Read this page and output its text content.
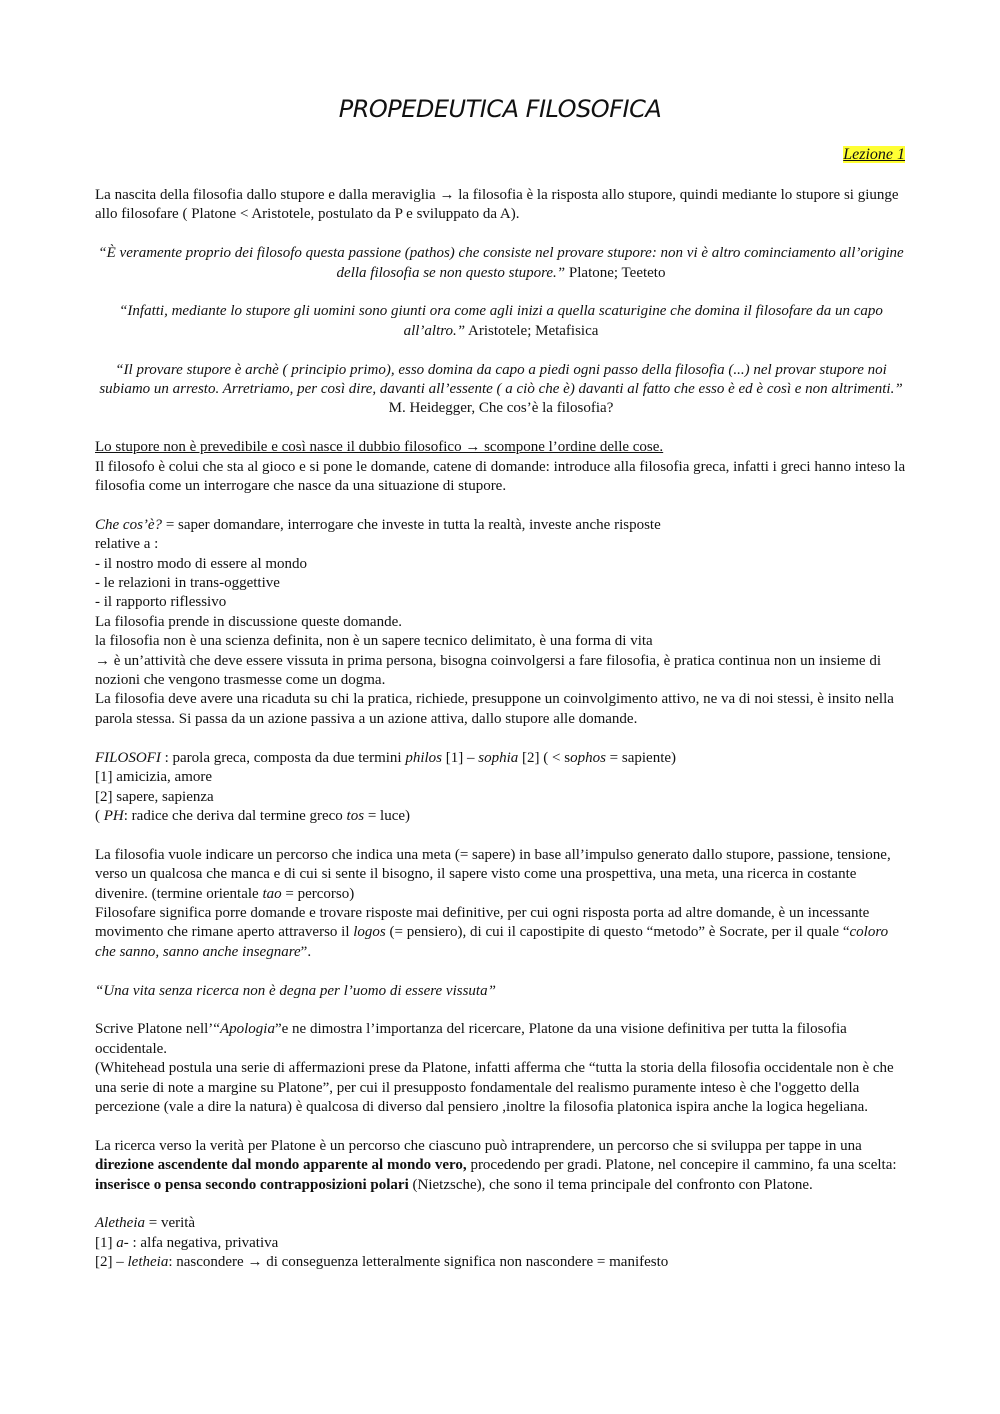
PROPEDEUTICA FILOSOFICA
Lezione 1

La nascita della filosofia dallo stupore e dalla meraviglia → la filosofia è la risposta allo stupore, quindi mediante lo stupore si giunge allo filosofare ( Platone < Aristotele, postulato da P e sviluppato da A).

“È veramente proprio dei filosofo questa passione (pathos) che consiste nel provare stupore: non vi è altro cominciamento all’origine della filosofia se non questo stupore.” Platone; Teeteto

“Infatti, mediante lo stupore gli uomini sono giunti ora come agli inizi a quella scaturigine che domina il filosofare da un capo all’altro.” Aristotele; Metafisica

“Il provare stupore è archè ( principio primo), esso domina da capo a piedi ogni passo della filosofia (...) nel provar stupore noi subiamo un arresto. Arretriamo, per così dire, davanti all’essente ( a ciò che è) davanti al fatto che esso è ed è così e non altrimenti.” M. Heidegger, Che cos’è la filosofia?

Lo stupore non è prevedibile e così nasce il dubbio filosofico → scompone l’ordine delle cose.

Il filosofo è colui che sta al gioco e si pone le domande, catene di domande: introduce alla filosofia greca, infatti i greci hanno inteso la filosofia come un interrogare che nasce da una situazione di stupore.

Che cos’è? = saper domandare, interrogare che investe in tutta la realtà, investe anche risposte

relative a :

- il nostro modo di essere al mondo

- le relazioni in trans-oggettive

- il rapporto riflessivo

La filosofia prende in discussione queste domande.

la filosofia non è una scienza definita, non è un sapere tecnico delimitato, è una forma di vita

→ è un’attività che deve essere vissuta in prima persona, bisogna coinvolgersi a fare filosofia, è pratica continua non un insieme di nozioni che vengono trasmesse come un dogma.

La filosofia deve avere una ricaduta su chi la pratica, richiede, presuppone un coinvolgimento attivo, ne va di noi stessi, è insito nella parola stessa. Si passa da un azione passiva a un azione attiva, dallo stupore alle domande.

FILOSOFI : parola greca, composta da due termini philos [1] – sophia [2] ( < sophos = sapiente)

[1] amicizia, amore

[2] sapere, sapienza

( PH: radice che deriva dal termine greco tos = luce)

La filosofia vuole indicare un percorso che indica una meta (= sapere) in base all’impulso generato dallo stupore, passione, tensione, verso un qualcosa che manca e di cui si sente il bisogno, il sapere visto come una prospettiva, una meta, una ricerca in costante divenire. (termine orientale tao = percorso)

Filosofare significa porre domande e trovare risposte mai definitive, per cui ogni risposta porta ad altre domande, è un incessante movimento che rimane aperto attraverso il logos (= pensiero), di cui il capostipite di questo “metodo” è Socrate, per il quale “coloro che sanno, sanno anche insegnare”.

“Una vita senza ricerca non è degna per l’uomo di essere vissuta”

Scrive Platone nell’“Apologia”e ne dimostra l’importanza del ricercare, Platone da una visione definitiva per tutta la filosofia occidentale.

(Whitehead postula una serie di affermazioni prese da Platone, infatti afferma che “tutta la storia della filosofia occidentale non è che una serie di note a margine su Platone”, per cui il presupposto fondamentale del realismo puramente inteso è che l'oggetto della percezione (vale a dire la natura) è qualcosa di diverso dal pensiero ,inoltre la filosofia platonica ispira anche la logica hegeliana.

La ricerca verso la verità per Platone è un percorso che ciascuno può intraprendere, un percorso che si sviluppa per tappe in una direzione ascendente dal mondo apparente al mondo vero, procedendo per gradi. Platone, nel concepire il cammino, fa una scelta: inserisce o pensa secondo contrapposizioni polari (Nietzsche), che sono il tema principale del confronto con Platone.

Aletheia = verità

[1] a- : alfa negativa, privativa

[2] – letheia: nascondere → di conseguenza letteralmente significa non nascondere = manifesto
